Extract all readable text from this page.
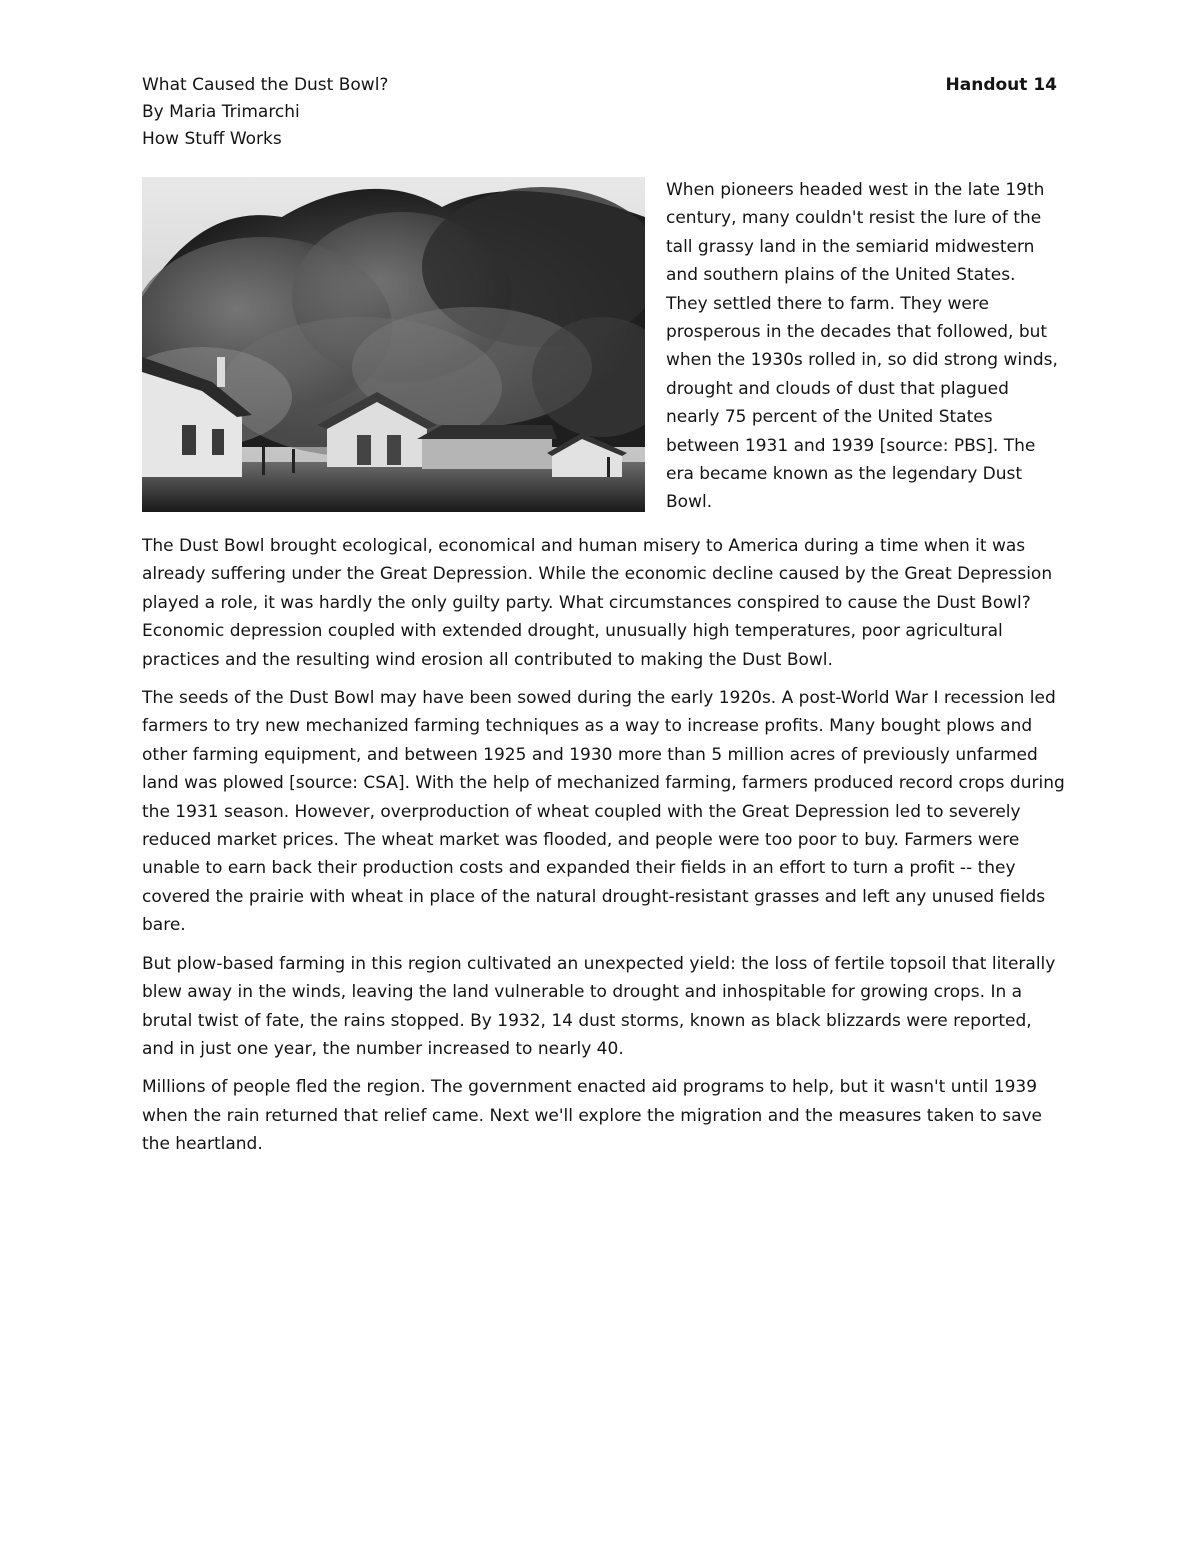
What Caused the Dust Bowl?
By Maria Trimarchi
How Stuff Works
Handout 14

When pioneers headed west in the late 19th century, many couldn't resist the lure of the tall grassy land in the semiarid midwestern and southern plains of the United States. They settled there to farm. They were prosperous in the decades that followed, but when the 1930s rolled in, so did strong winds, drought and clouds of dust that plagued nearly 75 percent of the United States between 1931 and 1939 [source: PBS]. The era became known as the legendary Dust Bowl.

The Dust Bowl brought ecological, economical and human misery to America during a time when it was already suffering under the Great Depression. While the economic decline caused by the Great Depression played a role, it was hardly the only guilty party. What circumstances conspired to cause the Dust Bowl? Economic depression coupled with extended drought, unusually high temperatures, poor agricultural practices and the resulting wind erosion all contributed to making the Dust Bowl.

The seeds of the Dust Bowl may have been sowed during the early 1920s. A post-World War I recession led farmers to try new mechanized farming techniques as a way to increase profits. Many bought plows and other farming equipment, and between 1925 and 1930 more than 5 million acres of previously unfarmed land was plowed [source: CSA]. With the help of mechanized farming, farmers produced record crops during the 1931 season. However, overproduction of wheat coupled with the Great Depression led to severely reduced market prices. The wheat market was flooded, and people were too poor to buy. Farmers were unable to earn back their production costs and expanded their fields in an effort to turn a profit -- they covered the prairie with wheat in place of the natural drought-resistant grasses and left any unused fields bare.

But plow-based farming in this region cultivated an unexpected yield: the loss of fertile topsoil that literally blew away in the winds, leaving the land vulnerable to drought and inhospitable for growing crops. In a brutal twist of fate, the rains stopped. By 1932, 14 dust storms, known as black blizzards were reported, and in just one year, the number increased to nearly 40.

Millions of people fled the region. The government enacted aid programs to help, but it wasn't until 1939 when the rain returned that relief came. Next we'll explore the migration and the measures taken to save the heartland.
